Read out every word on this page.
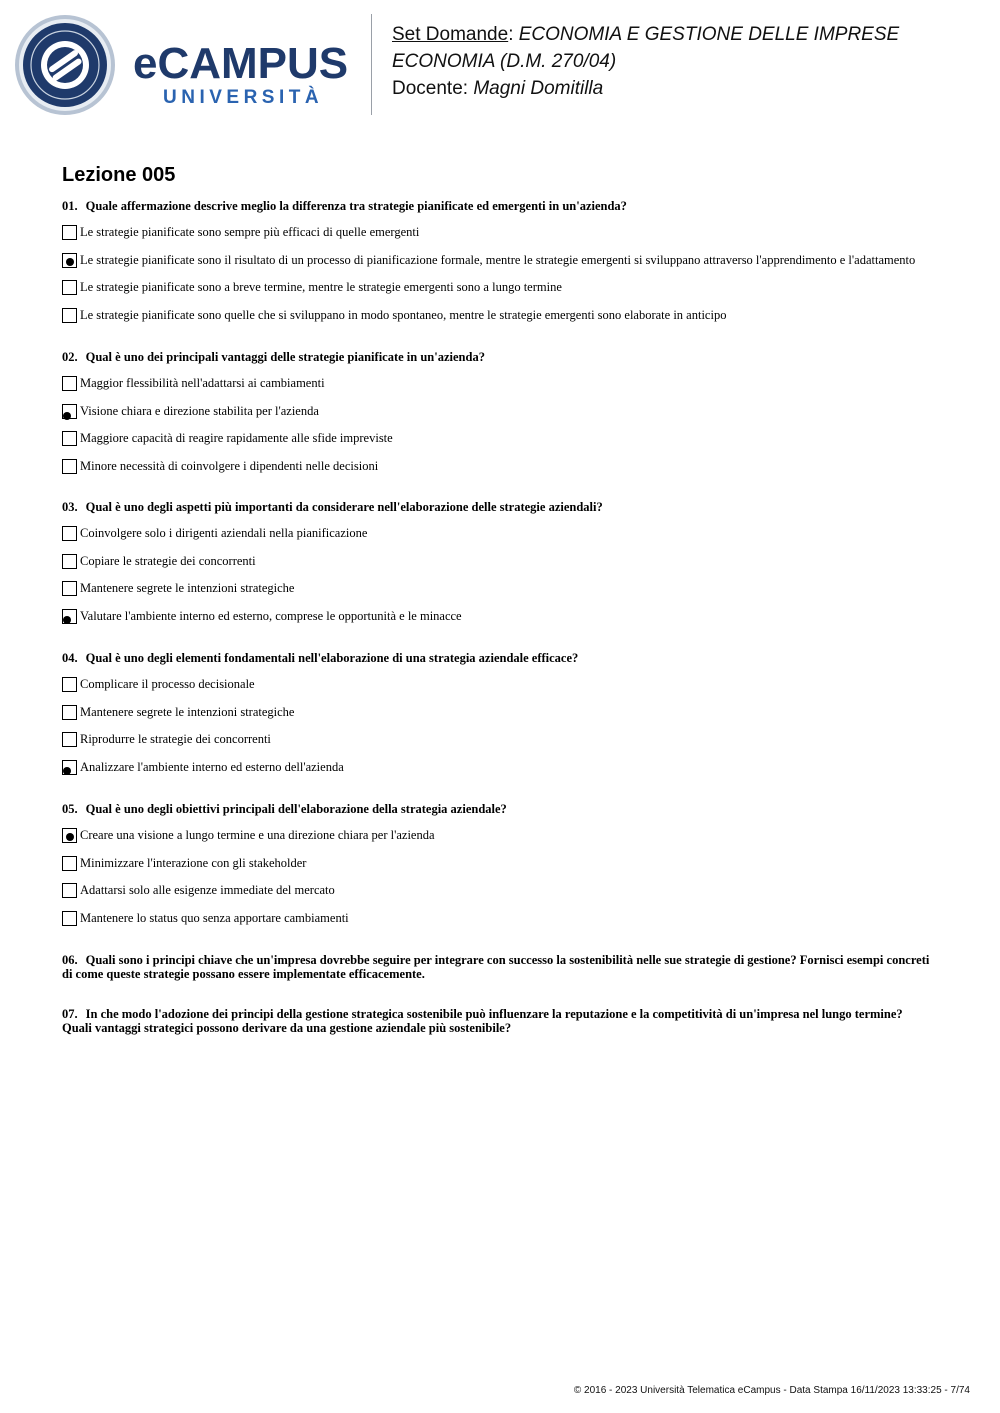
eCAMPUS
UNIVERSITÀ
Set Domande: ECONOMIA E GESTIONE DELLE IMPRESE
ECONOMIA (D.M. 270/04)
Docente: Magni Domitilla
Lezione 005
01. Quale affermazione descrive meglio la differenza tra strategie pianificate ed emergenti in un'azienda?
Le strategie pianificate sono sempre più efficaci di quelle emergenti
Le strategie pianificate sono il risultato di un processo di pianificazione formale, mentre le strategie emergenti si sviluppano attraverso l'apprendimento e l'adattamento
Le strategie pianificate sono a breve termine, mentre le strategie emergenti sono a lungo termine
Le strategie pianificate sono quelle che si sviluppano in modo spontaneo, mentre le strategie emergenti sono elaborate in anticipo
02. Qual è uno dei principali vantaggi delle strategie pianificate in un'azienda?
Maggior flessibilità nell'adattarsi ai cambiamenti
Visione chiara e direzione stabilita per l'azienda
Maggiore capacità di reagire rapidamente alle sfide impreviste
Minore necessità di coinvolgere i dipendenti nelle decisioni
03. Qual è uno degli aspetti più importanti da considerare nell'elaborazione delle strategie aziendali?
Coinvolgere solo i dirigenti aziendali nella pianificazione
Copiare le strategie dei concorrenti
Mantenere segrete le intenzioni strategiche
Valutare l'ambiente interno ed esterno, comprese le opportunità e le minacce
04. Qual è uno degli elementi fondamentali nell'elaborazione di una strategia aziendale efficace?
Complicare il processo decisionale
Mantenere segrete le intenzioni strategiche
Riprodurre le strategie dei concorrenti
Analizzare l'ambiente interno ed esterno dell'azienda
05. Qual è uno degli obiettivi principali dell'elaborazione della strategia aziendale?
Creare una visione a lungo termine e una direzione chiara per l'azienda
Minimizzare l'interazione con gli stakeholder
Adattarsi solo alle esigenze immediate del mercato
Mantenere lo status quo senza apportare cambiamenti
06. Quali sono i principi chiave che un'impresa dovrebbe seguire per integrare con successo la sostenibilità nelle sue strategie di gestione? Fornisci esempi concreti di come queste strategie possano essere implementate efficacemente.
07. In che modo l'adozione dei principi della gestione strategica sostenibile può influenzare la reputazione e la competitività di un'impresa nel lungo termine? Quali vantaggi strategici possono derivare da una gestione aziendale più sostenibile?
© 2016 - 2023 Università Telematica eCampus - Data Stampa 16/11/2023 13:33:25 - 7/74
